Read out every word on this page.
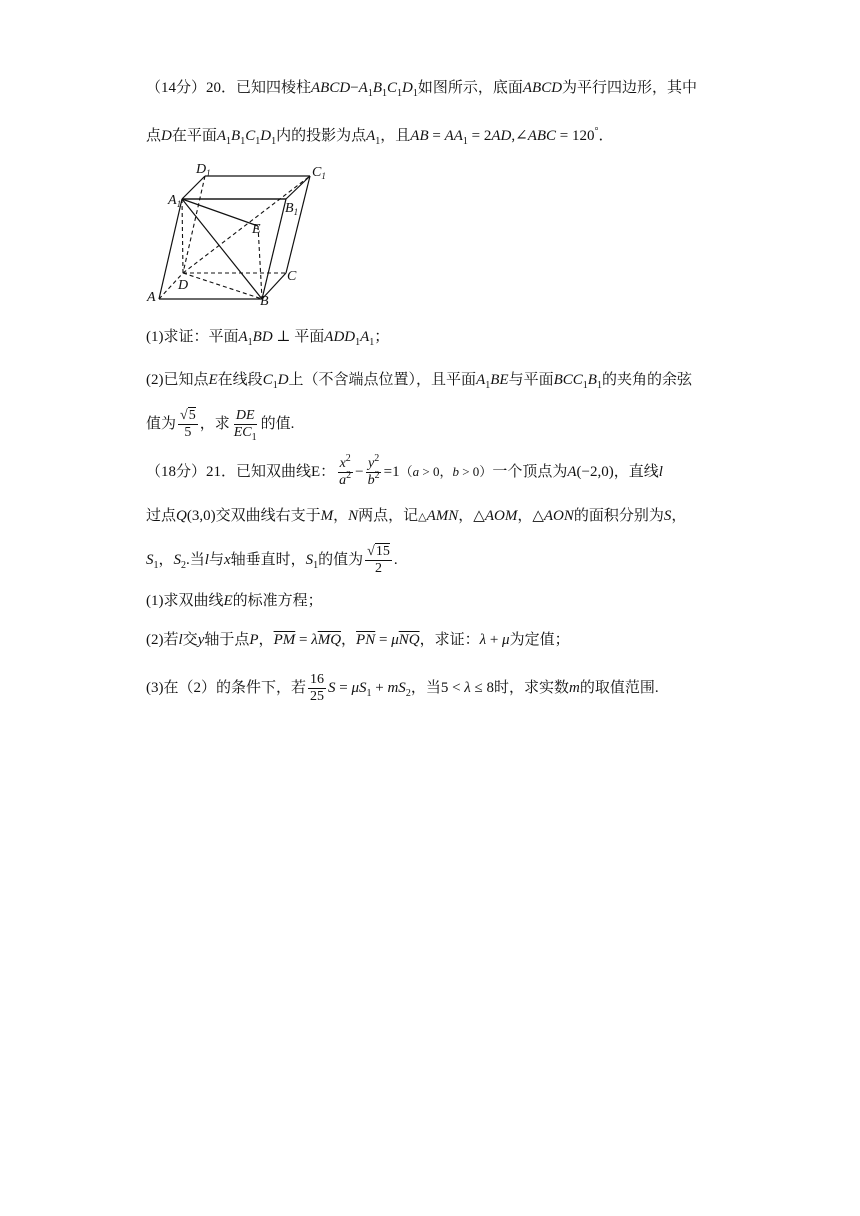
（14分）20．已知四棱柱$ABCD-A_1B_1C_1D_1$如图所示，底面ABCD为平行四边形，其中
点D在平面$A_1B_1C_1D_1$内的投影为点$A_1$，且AB = $AA_1$ = 2AD,∠ABC = 120°．
$D_1$	$C_1$
$A_1$	$B_1$
E
D
C
A	B
(1)求证：平面$A_1BD$ ⊥ 平面$ADD_1A_1$；
(2)已知点E在线段$C_1D$上（不含端点位置），且平面$A_1BE$与平面$BCC_1B_1$的夹角的余弦
值为 $\frac{√5}{5}$ ，求 $\frac{DE}{EC_1}$ 的值.
（18分）21．已知双曲线E： $\frac{x^2}{a^2} - \frac{y^2}{b^2} =1(a > 0$，b > 0）一个顶点为A(−2,0)，直线l
过点Q(3,0)交双曲线右支于M，N两点，记△AMN，△AOM，△AON的面积分别为S，
$S_1$，$S_2$.当l与x轴垂直时，$S_1$的值为 $\frac{√15}{2}$ .
(1)求双曲线E的标准方程；
(2)若l交y轴于点P，$\overline{PM} = \lambda\overline{MQ}$，$\overline{PN} = \mu\overline{NQ}$，求证：λ + μ为定值；
(3)在（2）的条件下，若 $\frac{16}{25}$ $S = \mu S_1 + mS_2$，当5 < λ ≤ 8时，求实数m的取值范围.
